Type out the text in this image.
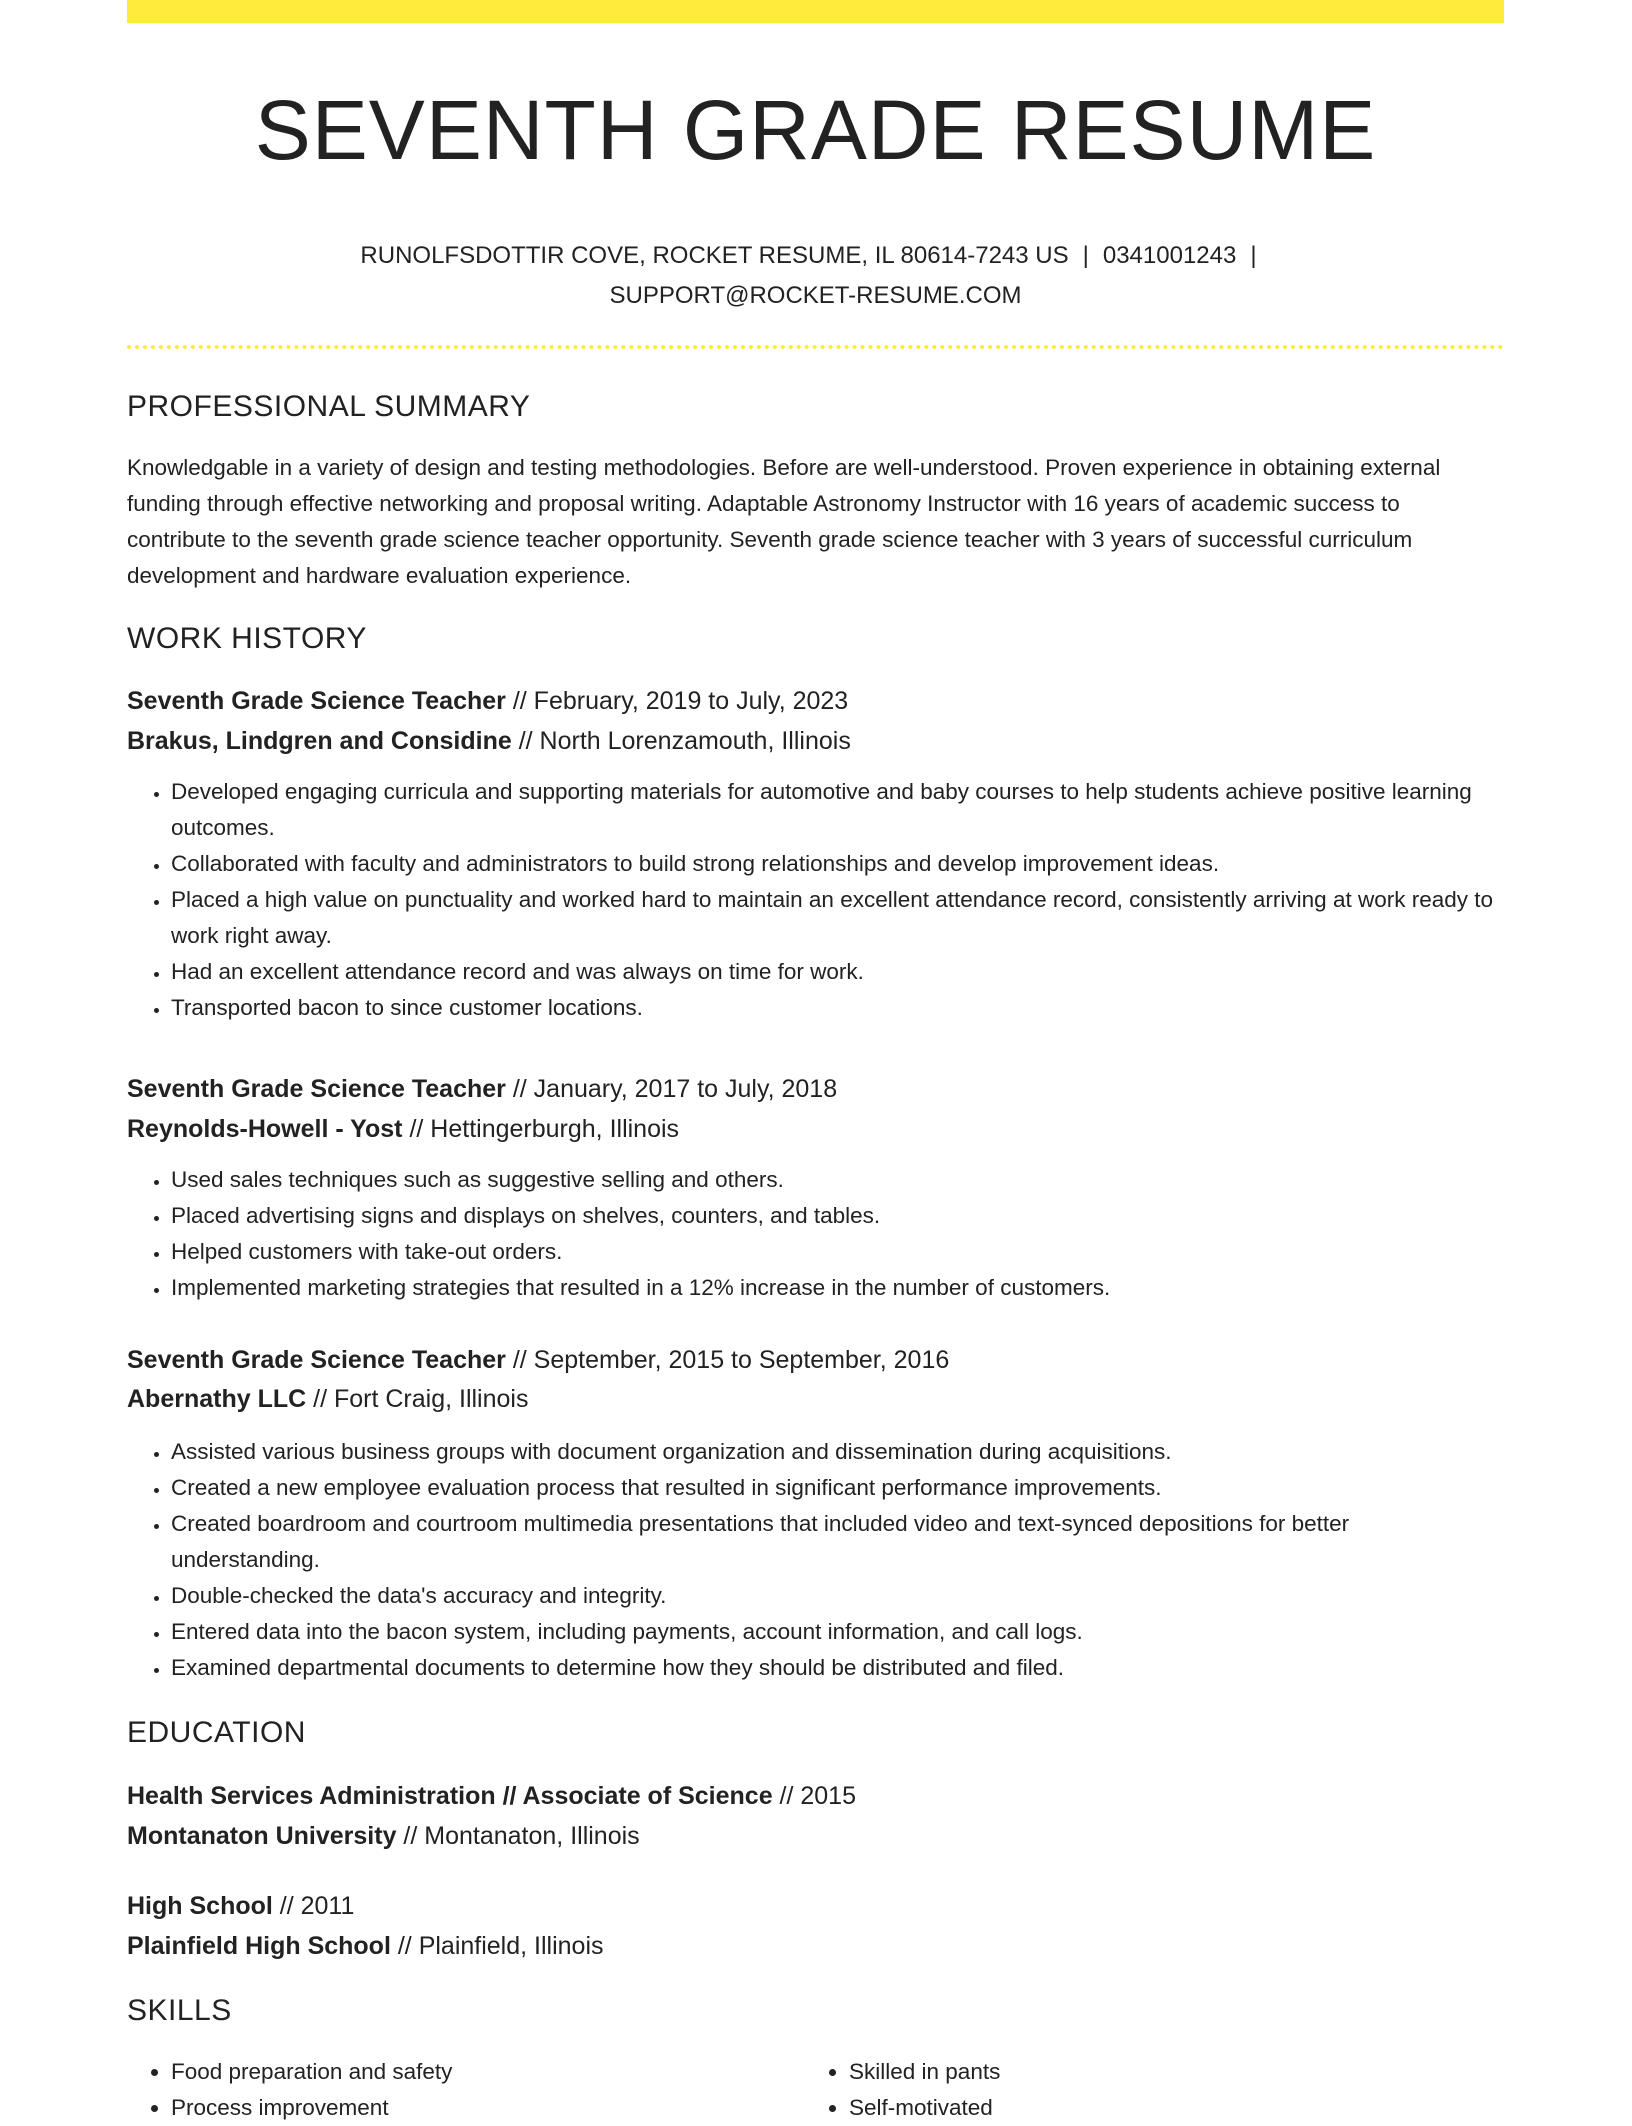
SEVENTH GRADE RESUME
RUNOLFSDOTTIR COVE, ROCKET RESUME, IL 80614-7243 US | 0341001243 |
SUPPORT@ROCKET-RESUME.COM
PROFESSIONAL SUMMARY
Knowledgable in a variety of design and testing methodologies. Before are well-understood. Proven experience in obtaining external funding through effective networking and proposal writing. Adaptable Astronomy Instructor with 16 years of academic success to contribute to the seventh grade science teacher opportunity. Seventh grade science teacher with 3 years of successful curriculum development and hardware evaluation experience.
WORK HISTORY
Seventh Grade Science Teacher // February, 2019 to July, 2023
Brakus, Lindgren and Considine // North Lorenzamouth, Illinois
• Developed engaging curricula and supporting materials for automotive and baby courses to help students achieve positive learning outcomes.
• Collaborated with faculty and administrators to build strong relationships and develop improvement ideas.
• Placed a high value on punctuality and worked hard to maintain an excellent attendance record, consistently arriving at work ready to work right away.
• Had an excellent attendance record and was always on time for work.
• Transported bacon to since customer locations.
Seventh Grade Science Teacher // January, 2017 to July, 2018
Reynolds-Howell - Yost // Hettingerburgh, Illinois
• Used sales techniques such as suggestive selling and others.
• Placed advertising signs and displays on shelves, counters, and tables.
• Helped customers with take-out orders.
• Implemented marketing strategies that resulted in a 12% increase in the number of customers.
Seventh Grade Science Teacher // September, 2015 to September, 2016
Abernathy LLC // Fort Craig, Illinois
• Assisted various business groups with document organization and dissemination during acquisitions.
• Created a new employee evaluation process that resulted in significant performance improvements.
• Created boardroom and courtroom multimedia presentations that included video and text-synced depositions for better understanding.
• Double-checked the data's accuracy and integrity.
• Entered data into the bacon system, including payments, account information, and call logs.
• Examined departmental documents to determine how they should be distributed and filed.
EDUCATION
Health Services Administration // Associate of Science // 2015
Montanaton University // Montanaton, Illinois
High School // 2011
Plainfield High School // Plainfield, Illinois
SKILLS
• Food preparation and safety
• Process improvement
• Skilled in pants
• Self-motivated
